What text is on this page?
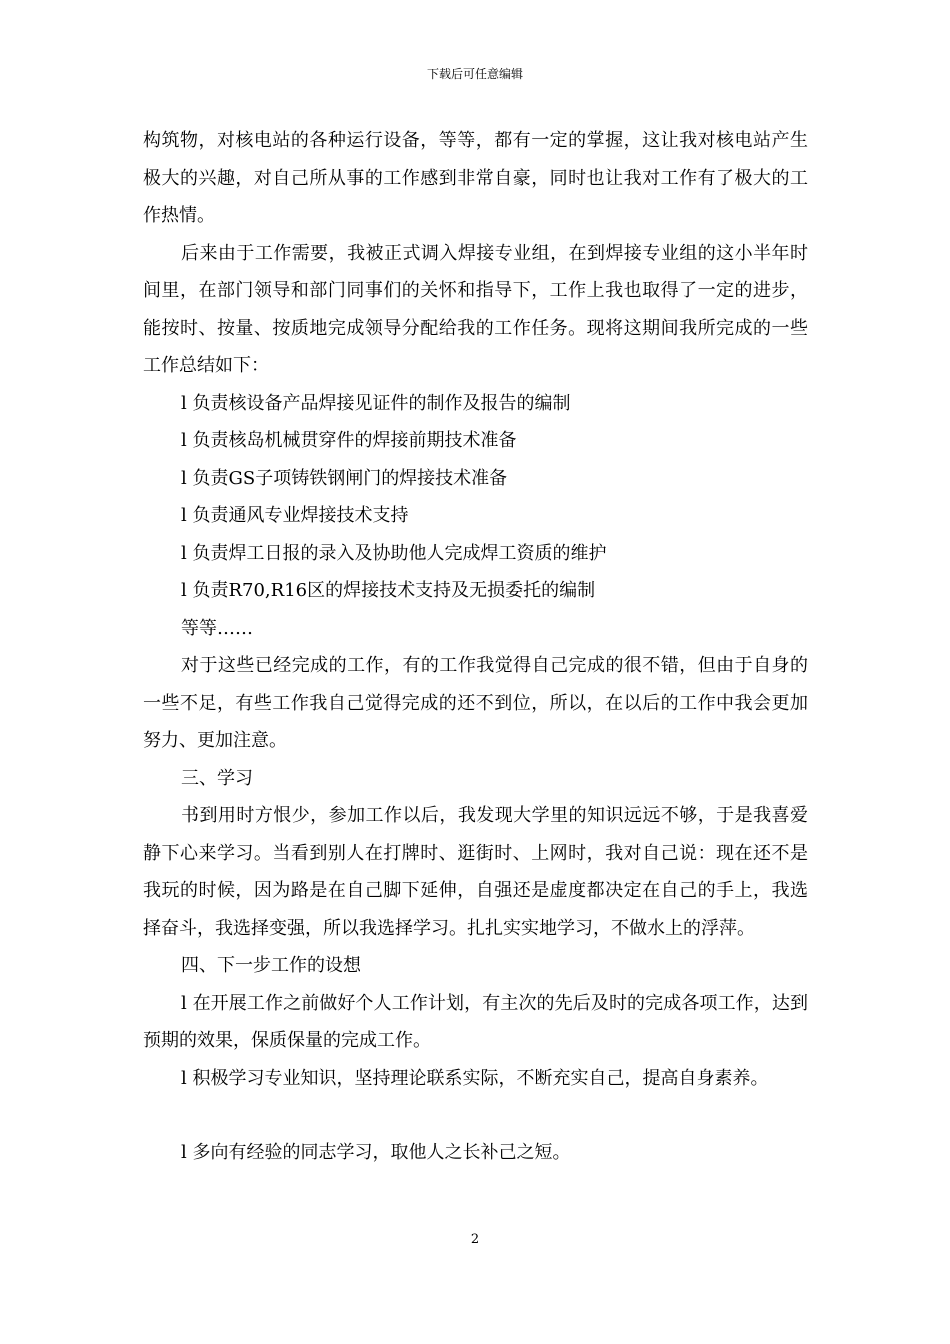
下载后可任意编辑

构筑物，对核电站的各种运行设备，等等，都有一定的掌握，这让我对核电站产生极大的兴趣，对自己所从事的工作感到非常自豪，同时也让我对工作有了极大的工作热情。

后来由于工作需要，我被正式调入焊接专业组，在到焊接专业组的这小半年时间里，在部门领导和部门同事们的关怀和指导下，工作上我也取得了一定的进步，能按时、按量、按质地完成领导分配给我的工作任务。现将这期间我所完成的一些工作总结如下：

l 负责核设备产品焊接见证件的制作及报告的编制

l 负责核岛机械贯穿件的焊接前期技术准备

l 负责GS子项铸铁钢闸门的焊接技术准备

l 负责通风专业焊接技术支持

l 负责焊工日报的录入及协助他人完成焊工资质的维护

l 负责R70,R16区的焊接技术支持及无损委托的编制

等等……

对于这些已经完成的工作，有的工作我觉得自己完成的很不错，但由于自身的一些不足，有些工作我自己觉得完成的还不到位，所以，在以后的工作中我会更加努力、更加注意。

三、学习

书到用时方恨少，参加工作以后，我发现大学里的知识远远不够，于是我喜爱静下心来学习。当看到别人在打牌时、逛街时、上网时，我对自己说：现在还不是我玩的时候，因为路是在自己脚下延伸，自强还是虚度都决定在自己的手上，我选择奋斗，我选择变强，所以我选择学习。扎扎实实地学习，不做水上的浮萍。

四、下一步工作的设想

l 在开展工作之前做好个人工作计划，有主次的先后及时的完成各项工作，达到预期的效果，保质保量的完成工作。

l 积极学习专业知识，坚持理论联系实际，不断充实自己，提高自身素养。

l 多向有经验的同志学习，取他人之长补己之短。

2
